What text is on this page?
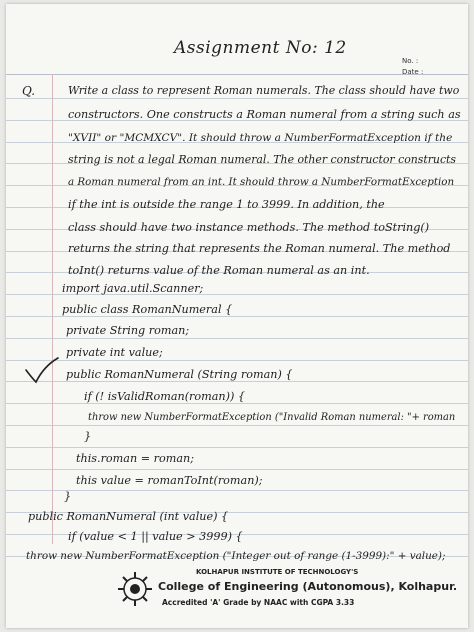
Assignment No: 12
No. :
Date :
Q.	Write a class to represent Roman numerals. The class should have two
constructors. One constructs a Roman numeral from a string such as
"XVII" or "MCMXCV". It should throw a NumberFormatException if the
string is not a legal Roman numeral. The other constructor constructs
a Roman numeral from an int. It should throw a NumberFormatException
if the int is outside the range 1 to 3999. In addition, the
class should have two instance methods. The method toString()
returns the string that represents the Roman numeral. The method
toInt() returns value of the Roman numeral as an int.
import java.util.Scanner;
public class RomanNumeral {
private String roman;
private int value;
public RomanNumeral (String roman) {
if (! isValidRoman(roman)) {
throw new NumberFormatException ("Invalid Roman numeral: "+ roman
}
this.roman = roman;
this value = romanToInt(roman);
}
public RomanNumeral (int value) {
if (value < 1 || value > 3999) {
throw new NumberFormatException ("Integer out of range (1-3999):" + value);
KOLHAPUR INSTITUTE OF TECHNOLOGY'S
College of Engineering (Autonomous), Kolhapur.
Accredited 'A' Grade by NAAC with CGPA 3.33
